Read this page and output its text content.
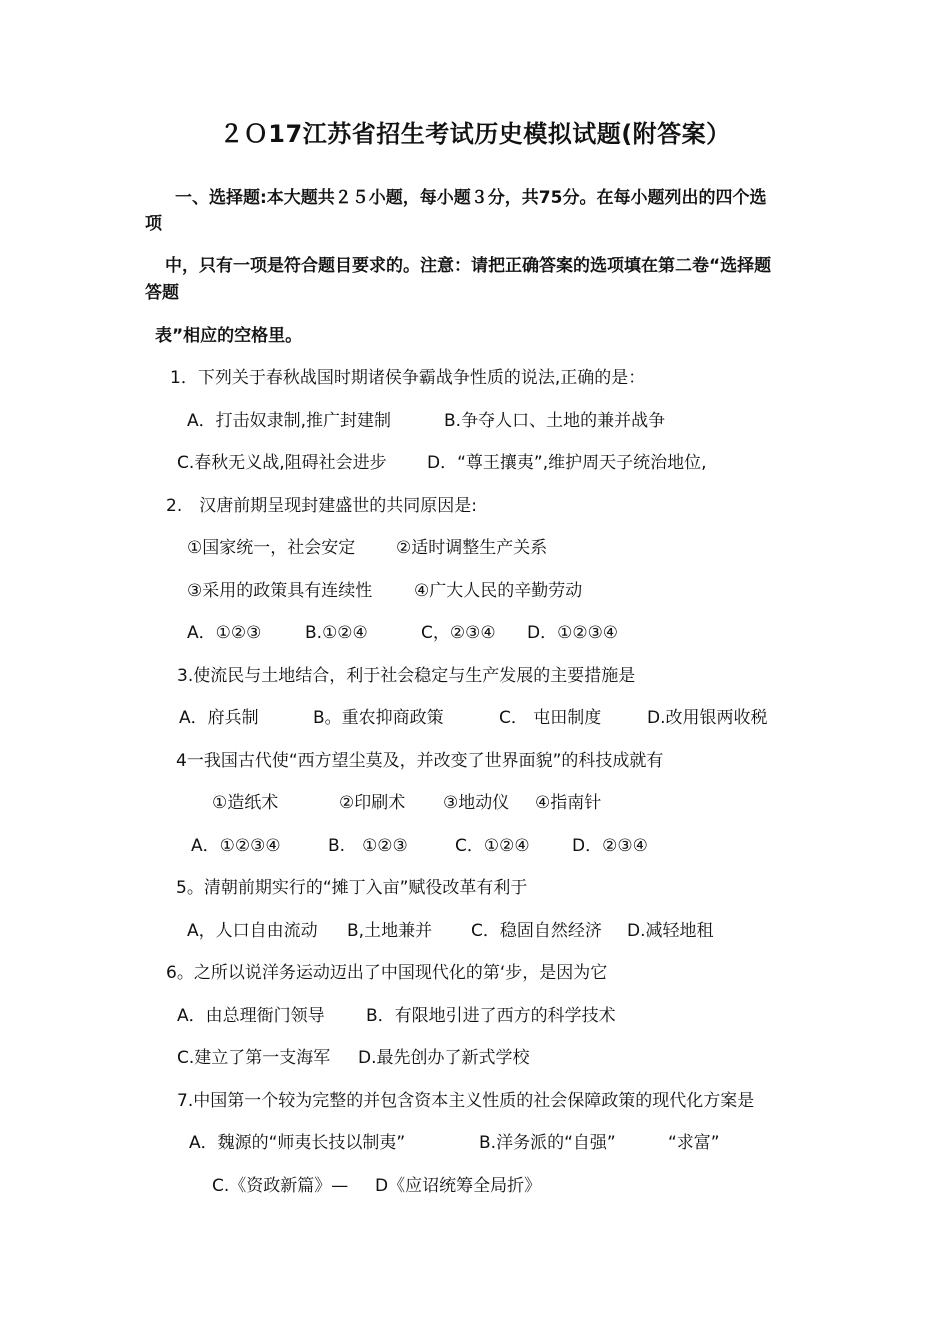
２Ｏ17江苏省招生考试历史模拟试题(附答案）
一、选择题:本大题共２５小题，每小题３分，共75分。在每小题列出的四个选
项
中，只有一项是符合题目要求的。注意：请把正确答案的选项填在第二卷“选择题
答题
表”相应的空格里。
1．下列关于春秋战国时期诸侯争霸战争性质的说法,正确的是：
A．打击奴隶制,推广封建制	B.争夺人口、土地的兼并战争
C.春秋无义战,阻碍社会进步 D．“尊王攘夷”,维护周天子统治地位,
2.　汉唐前期呈现封建盛世的共同原因是:
①国家统一，社会安定 ②适时调整生产关系
③采用的政策具有连续性 ④广大人民的辛勤劳动
A．①②③	B.①②④	C，②③④ D．①②③④
3.使流民与土地结合，利于社会稳定与生产发展的主要措施是
A．府兵制	B。重农抑商政策	C． 屯田制度	D.改用银两收税
4一我国古代使“西方望尘莫及，并改变了世界面貌”的科技成就有
①造纸术	②印刷术 ③地动仪 ④指南针
A．①②③④	B.　①②③	C．①②④ D．②③④
5。清朝前期实行的“摊丁入亩”赋役改革有利于
A，人口自由流动 B,土地兼并 C．稳固自然经济 D.减轻地租
6。之所以说洋务运动迈出了中国现代化的第‘步，是因为它
A．由总理衙门领导 B．有限地引进了西方的科学技术
C.建立了第一支海军 D.最先创办了新式学校
7.中国第一个较为完整的并包含资本主义性质的社会保障政策的现代化方案是
A．魏源的“师夷长技以制夷”	B.洋务派的“自强”	“求富”
C.《资政新篇》— D《应诏统筹全局折》
